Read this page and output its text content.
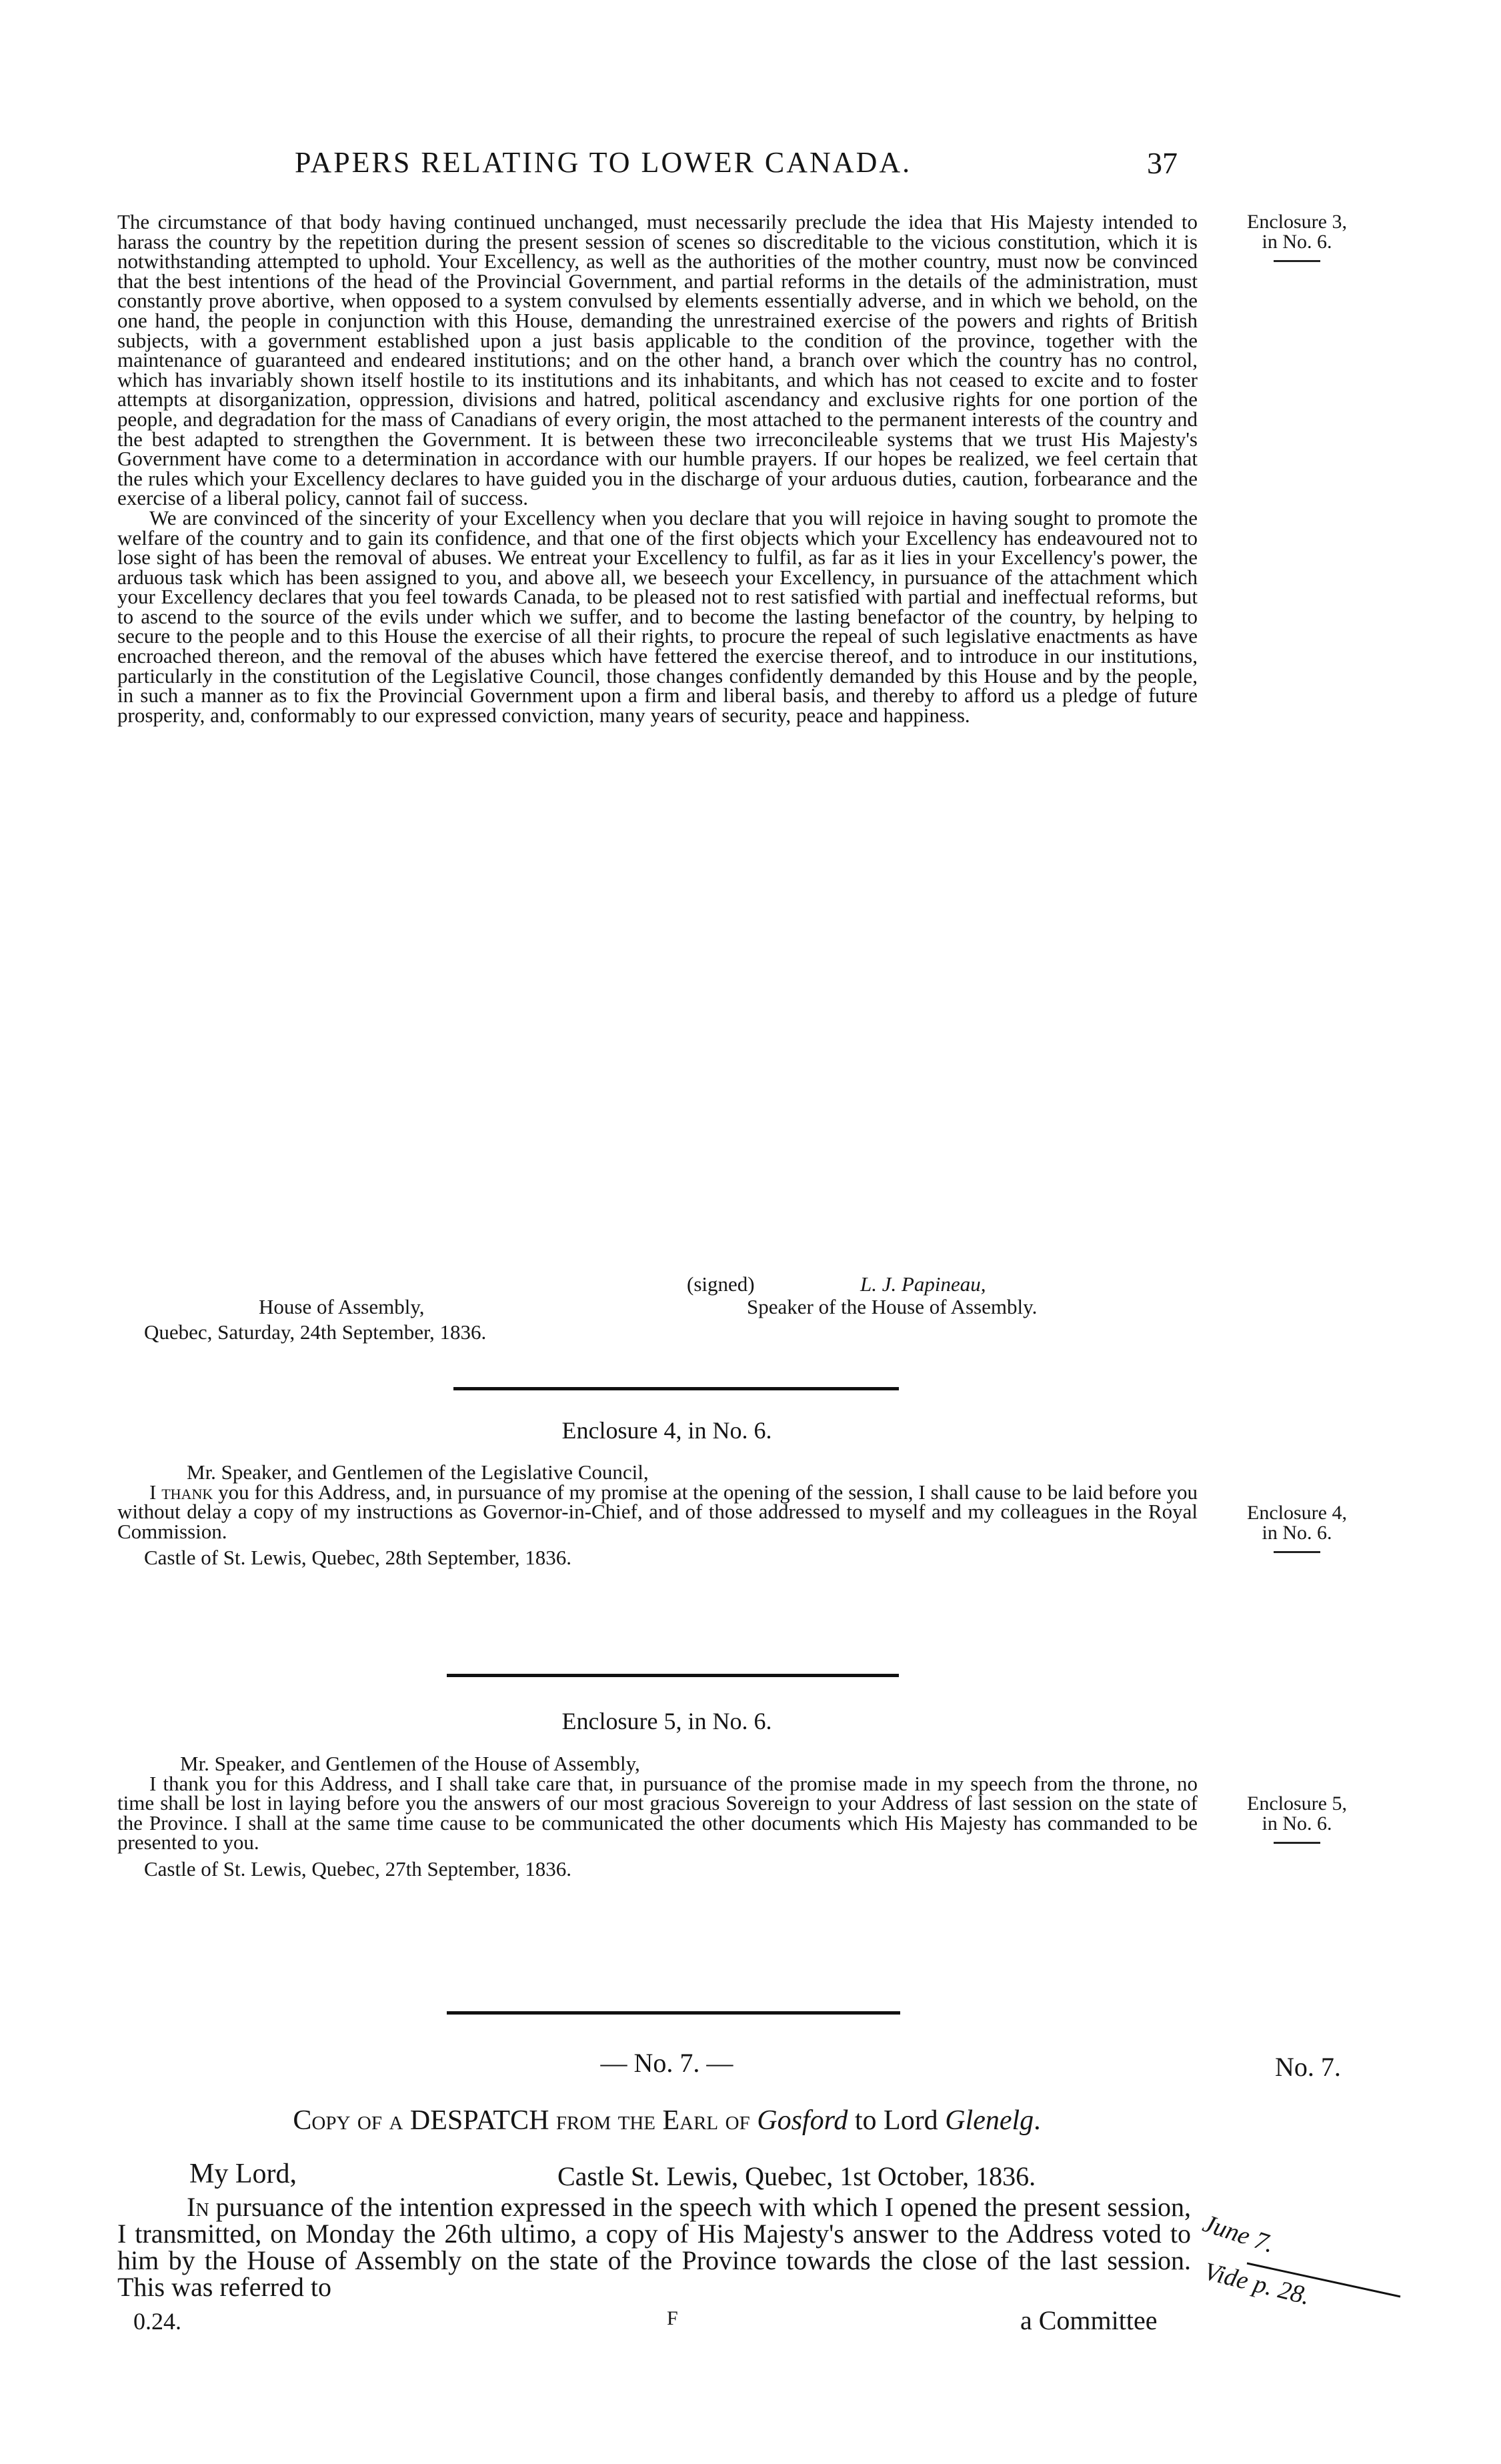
PAPERS RELATING TO LOWER CANADA.	37

The circumstance of that body having continued unchanged, must necessarily preclude the idea that His Majesty intended to harass the country by the repetition during the present session of scenes so discreditable to the vicious constitution, which it is notwithstanding attempted to uphold. Your Excellency, as well as the authorities of the mother country, must now be convinced that the best intentions of the head of the Provincial Government, and partial reforms in the details of the administration, must constantly prove abortive, when opposed to a system convulsed by elements essentially adverse, and in which we behold, on the one hand, the people in conjunction with this House, demanding the unrestrained exercise of the powers and rights of British subjects, with a government established upon a just basis applicable to the condition of the province, together with the maintenance of guaranteed and endeared institutions; and on the other hand, a branch over which the country has no control, which has invariably shown itself hostile to its institutions and its inhabitants, and which has not ceased to excite and to foster attempts at disorganization, oppression, divisions and hatred, political ascendancy and exclusive rights for one portion of the people, and degradation for the mass of Canadians of every origin, the most attached to the permanent interests of the country and the best adapted to strengthen the Government. It is between these two irreconcileable systems that we trust His Majesty's Government have come to a determination in accordance with our humble prayers. If our hopes be realized, we feel certain that the rules which your Excellency declares to have guided you in the discharge of your arduous duties, caution, forbearance and the exercise of a liberal policy, cannot fail of success.

We are convinced of the sincerity of your Excellency when you declare that you will rejoice in having sought to promote the welfare of the country and to gain its confidence, and that one of the first objects which your Excellency has endeavoured not to lose sight of has been the removal of abuses. We entreat your Excellency to fulfil, as far as it lies in your Excellency's power, the arduous task which has been assigned to you, and above all, we beseech your Excellency, in pursuance of the attachment which your Excellency declares that you feel towards Canada, to be pleased not to rest satisfied with partial and ineffectual reforms, but to ascend to the source of the evils under which we suffer, and to become the lasting benefactor of the country, by helping to secure to the people and to this House the exercise of all their rights, to procure the repeal of such legislative enactments as have encroached thereon, and the removal of the abuses which have fettered the exercise thereof, and to introduce in our institutions, particularly in the constitution of the Legislative Council, those changes confidently demanded by this House and by the people, in such a manner as to fix the Provincial Government upon a firm and liberal basis, and thereby to afford us a pledge of future prosperity, and, conformably to our expressed conviction, many years of security, peace and happiness.

Enclosure 3,
in No. 6.
(signed)	L. J. Papineau,
House of Assembly,	Speaker of the House of Assembly.
Quebec, Saturday, 24th September, 1836.
Enclosure 4, in No. 6.

Mr. Speaker, and Gentlemen of the Legislative Council,

I thank you for this Address, and, in pursuance of my promise at the opening of the session, I shall cause to be laid before you without delay a copy of my instructions as Governor-in-Chief, and of those addressed to myself and my colleagues in the Royal Commission.

Castle of St. Lewis, Quebec, 28th September, 1836.

Enclosure 4,
in No. 6.
Enclosure 5, in No. 6.

Mr. Speaker, and Gentlemen of the House of Assembly,

I thank you for this Address, and I shall take care that, in pursuance of the promise made in my speech from the throne, no time shall be lost in laying before you the answers of our most gracious Sovereign to your Address of last session on the state of the Province. I shall at the same time cause to be communicated the other documents which His Majesty has commanded to be presented to you.

Castle of St. Lewis, Quebec, 27th September, 1836.

Enclosure 5,
in No. 6.
— No. 7. —	No. 7.
Copy of a DESPATCH from the Earl of Gosford to Lord Glenelg.
My Lord,	Castle St. Lewis, Quebec, 1st October, 1836.

In pursuance of the intention expressed in the speech with which I opened the present session, I transmitted, on Monday the 26th ultimo, a copy of His Majesty's answer to the Address voted to him by the House of Assembly on the state of the Province towards the close of the last session. This was referred to

June 7.
Vide p. 28.
0.24.	F	a Committee
